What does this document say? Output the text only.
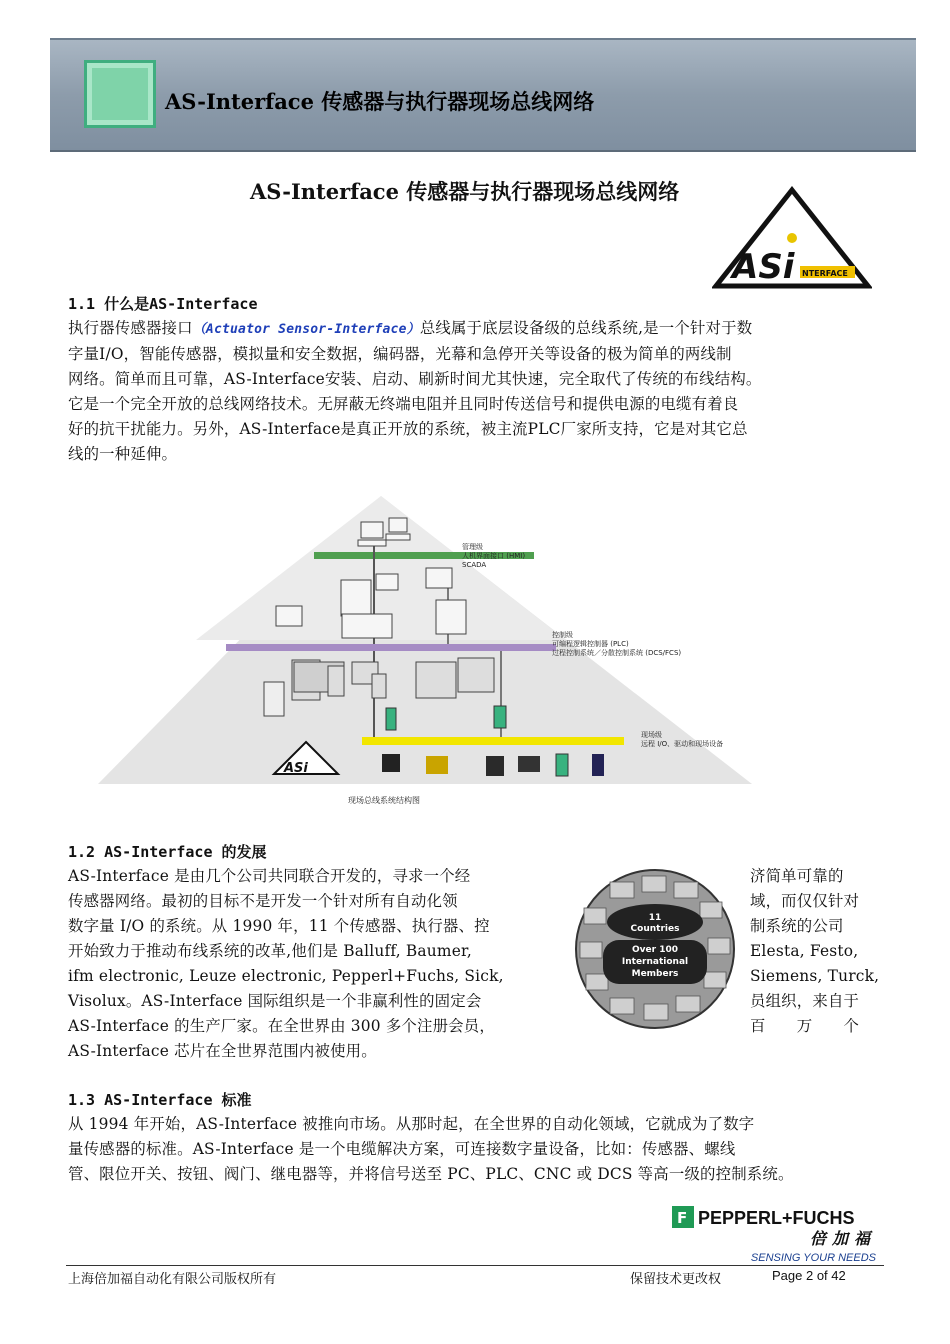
AS-Interface 传感器与执行器现场总线网络
AS-Interface 传感器与执行器现场总线网络
ASi NTERFACE
1.1 什么是AS-Interface
执行器传感器接口（Actuator Sensor-Interface）总线属于底层设备级的总线系统,是一个针对于数
字量I/O，智能传感器，模拟量和安全数据，编码器，光幕和急停开关等设备的极为简单的两线制
网络。简单而且可靠，AS-Interface安装、启动、刷新时间尤其快速，完全取代了传统的布线结构。
它是一个完全开放的总线网络技术。无屏蔽无终端电阻并且同时传送信号和提供电源的电缆有着良
好的抗干扰能力。另外，AS-Interface是真正开放的系统，被主流PLC厂家所支持，它是对其它总
线的一种延伸。
ASi
管理级
人机界面接口 (HMI)
SCADA
控制级
可编程逻辑控制器 (PLC)
过程控制系统／分散控制系统 (DCS/FCS)
现场级
远程 I/O、驱动和现场设备
现场总线系统结构图
1.2 AS-Interface 的发展
AS-Interface 是由几个公司共同联合开发的，寻求一个经
传感器网络。最初的目标不是开发一个针对所有自动化领
数字量 I/O 的系统。从 1990 年，11 个传感器、执行器、控
开始致力于推动布线系统的改革,他们是 Balluff, Baumer,
ifm electronic, Leuze electronic, Pepperl+Fuchs, Sick,
Visolux。AS-Interface 国际组织是一个非赢利性的固定会
AS-Interface 的生产厂家。在全世界由 300 多个注册会员，
AS-Interface 芯片在全世界范围内被使用。
济简单可靠的
域，而仅仅针对
制系统的公司
Elesta, Festo,
Siemens, Turck,
员组织，来自于
百　　万　　个
11
Countries
Over 100
International
Members
1.3 AS-Interface 标准
从 1994 年开始，AS-Interface 被推向市场。从那时起，在全世界的自动化领域，它就成为了数字
量传感器的标准。AS-Interface 是一个电缆解决方案，可连接数字量设备，比如：传感器、螺线
管、限位开关、按钮、阀门、继电器等，并将信号送至 PC、PLC、CNC 或 DCS 等高一级的控制系统。
F PEPPERL+FUCHS
倍加福
SENSING YOUR NEEDS
上海倍加福自动化有限公司版权所有	保留技术更改权	Page 2 of 42
